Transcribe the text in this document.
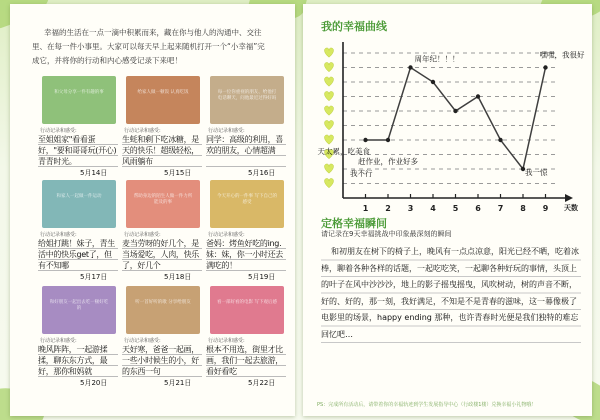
幸福的生活在一点一滴中积累而来，藏在你与他人的沟通中、交往里、在每一件小事里。大家可以每天早上起来随机打开一个“小幸福”完成它，并将你的行动和内心感受记录下来吧！
和父母分享一件有趣的事
行动记录和感受:
至姐姐家"看看蛋好，"要和哥哥玩(开心)青青时光。
5月14日
给家人做一顿饭 认真吃饭
行动记录和感受:
生蚝和剩下吃冰糖，是天的快乐！超级轻松，风雨躺布
5月15日
每一位你重视的朋友、给他打电话聊天，问他最近过得好吗
行动记录和感受:
同学：高级的利用，喜欢的朋友，心情超满
5月16日
和家人一起做一件运动
行动记录和感受:
给姐打跳！妹子，青生活中的快乐get了，但有不知哪
5月17日
帮助身边的陌生人做一件力所能及的事
行动记录和感受:
麦当劳呀的好几个，是当场爱吃，人肉，快乐了，好几个
5月18日
今天开心的一件事 写下自己的感受
行动记录和感受:
爸妈：烤鱼好吃的ing. 妹：妹，你一小时还去满吃的！
5月19日
和好朋友一起出去吃一顿好吃的
行动记录和感受:
晚风阵阵，一起游揉揉，聊东东方式，最好，那你和妈就
5月20日
听一首好听的歌 分享给朋友
行动记录和感受:
天好寒，爸爸一起画，一些小时候生的小，好的东西一句
5月21日
看一部好看的电影 写下观后感
行动记录和感受:
根本不用选，街里才比画，我们一起去旅游，看好看吃
5月22日
我的幸福曲线
1 2 3 4 5 6 7 8 9 天数
周年纪！！！
天太累，吃美食
赶作业，作业好多
我不行	我一惊
嘿嘿，我很好
定格幸福瞬间
请记录在9天幸福挑战中印象最深刻的瞬间
和初朋友在树下的椅子上，晚风有一点点凉意，阳光已经不晒，吃着冰棒，聊着各种各样的话题，一起吃吃笑，一起聊各种好玩的事情，头顶上的叶子在风中沙沙沙，地上的影子摇曳摇曳，风吹树动，树的声音不断，好的、好的，那一刻，我好满足，不知是不是青春的滋味，这一幕像极了电影里的场景，happy ending 那种，也许青春时光便是我们独特的难忘回忆吧…
PS：完成所有活动后，请带着你的幸福轨迹到学生发展指导中心（行政楼1楼）兑换幸福小礼物哦！
